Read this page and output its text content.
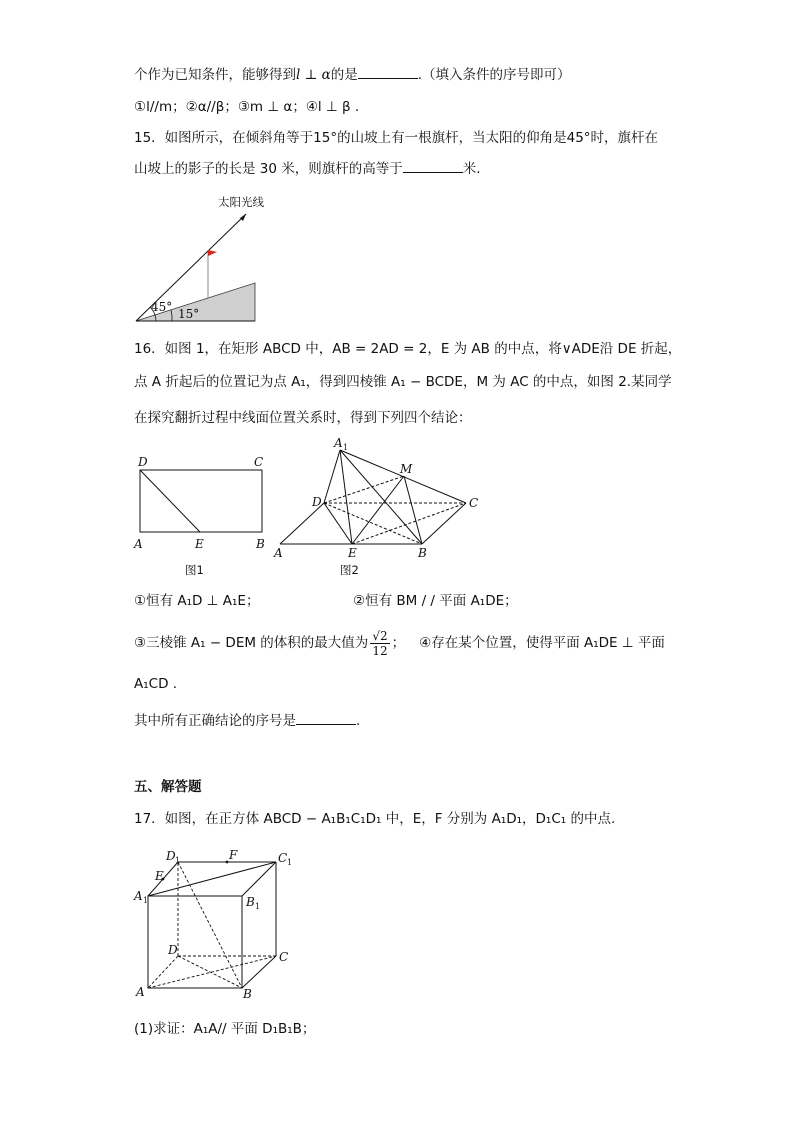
个作为已知条件，能够得到l ⊥ α的是	.（填入条件的序号即可）
①l//m；②α//β；③m ⊥ α；④l ⊥ β .
15．如图所示，在倾斜角等于15°的山坡上有一根旗杆，当太阳的仰角是45°时，旗杆在
山坡上的影子的长是 30 米，则旗杆的高等于	米.
太阳光线
45° 15°
16．如图 1，在矩形 ABCD 中，AB = 2AD = 2，E 为 AB 的中点，将∨ADE沿 DE 折起，
点 A 折起后的位置记为点 A₁，得到四棱锥 A₁ − BCDE，M 为 AC 的中点，如图 2.某同学
在探究翻折过程中线面位置关系时，得到下列四个结论：
D	C
A	E	B
图1
A 1
M
D	C
A	E	B
图2
①恒有 A₁D ⊥ A₁E；	②恒有 BM / / 平面 A₁DE；
③三棱锥 A₁ − DEM 的体积的最大值为 $\frac{√2}{12}$ ； ④存在某个位置，使得平面 A₁DE ⊥ 平面
A₁CD .
其中所有正确结论的序号是	.
五、解答题
17．如图，在正方体 ABCD − A₁B₁C₁D₁ 中，E，F 分别为 A₁D₁，D₁C₁ 的中点.
D 1	F	C 1
E
A 1	B 1
D	C
A	B
(1)求证：A₁A// 平面 D₁B₁B；
